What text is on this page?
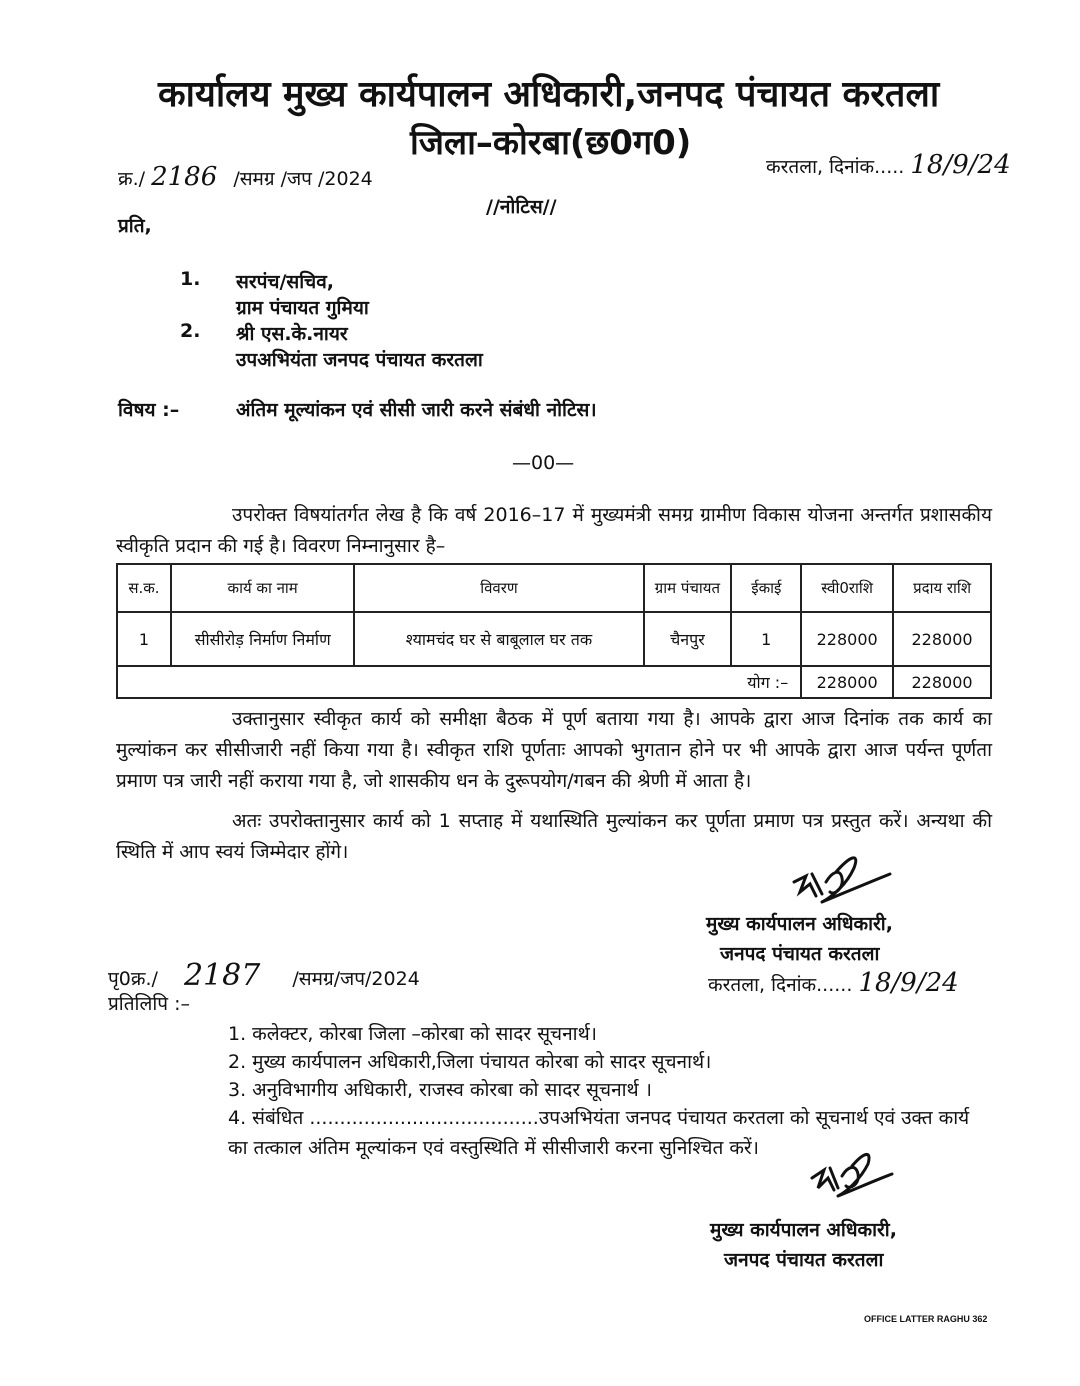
कार्यालय मुख्य कार्यपालन अधिकारी,जनपद पंचायत करतला
जिला–कोरबा(छ0ग0)
क्र./ 2186 /समग्र /जप /2024
करतला, दिनांक..... 18/9/24
//नोटिस//
प्रति,
1. सरपंच/सचिव,
ग्राम पंचायत गुमिया
2. श्री एस.के.नायर
उपअभियंता जनपद पंचायत करतला
विषय :–	अंतिम मूल्यांकन एवं सीसी जारी करने संबंधी नोटिस।
—00—
उपरोक्त विषयांतर्गत लेख है कि वर्ष 2016–17 में मुख्यमंत्री समग्र ग्रामीण विकास योजना अन्तर्गत प्रशासकीय स्वीकृति प्रदान की गई है। विवरण निम्नानुसार है–
स.क.	कार्य का नाम	विवरण	ग्राम पंचायत	ईकाई	स्वी0राशि	प्रदाय राशि
1	सीसीरोड़ निर्माण निर्माण	श्यामचंद घर से बाबूलाल घर तक	चैनपुर	1	228000	228000
योग :–					228000	228000
उक्तानुसार स्वीकृत कार्य को समीक्षा बैठक में पूर्ण बताया गया है। आपके द्वारा आज दिनांक तक कार्य का मुल्यांकन कर सीसीजारी नहीं किया गया है। स्वीकृत राशि पूर्णताः आपको भुगतान होने पर भी आपके द्वारा आज पर्यन्त पूर्णता प्रमाण पत्र जारी नहीं कराया गया है, जो शासकीय धन के दुरूपयोग/गबन की श्रेणी में आता है।
अतः उपरोक्तानुसार कार्य को 1 सप्ताह में यथास्थिति मुल्यांकन कर पूर्णता प्रमाण पत्र प्रस्तुत करें। अन्यथा की स्थिति में आप स्वयं जिम्मेदार होंगे।
मुख्य कार्यपालन अधिकारी,
जनपद पंचायत करतला
करतला, दिनांक...... 18/9/24
पृ0क्र./ 2187 /समग्र/जप/2024
प्रतिलिपि :–
1. कलेक्टर, कोरबा जिला –कोरबा को सादर सूचनार्थ।
2. मुख्य कार्यपालन अधिकारी,जिला पंचायत कोरबा को सादर सूचनार्थ।
3. अनुविभागीय अधिकारी, राजस्व कोरबा को सादर सूचनार्थ ।
4. संबंधित ......................................उपअभियंता जनपद पंचायत करतला को सूचनार्थ एवं उक्त कार्य
का तत्काल अंतिम मूल्यांकन एवं वस्तुस्थिति में सीसीजारी करना सुनिश्चित करें।
मुख्य कार्यपालन अधिकारी,
जनपद पंचायत करतला
OFFICE LATTER RAGHU 362
